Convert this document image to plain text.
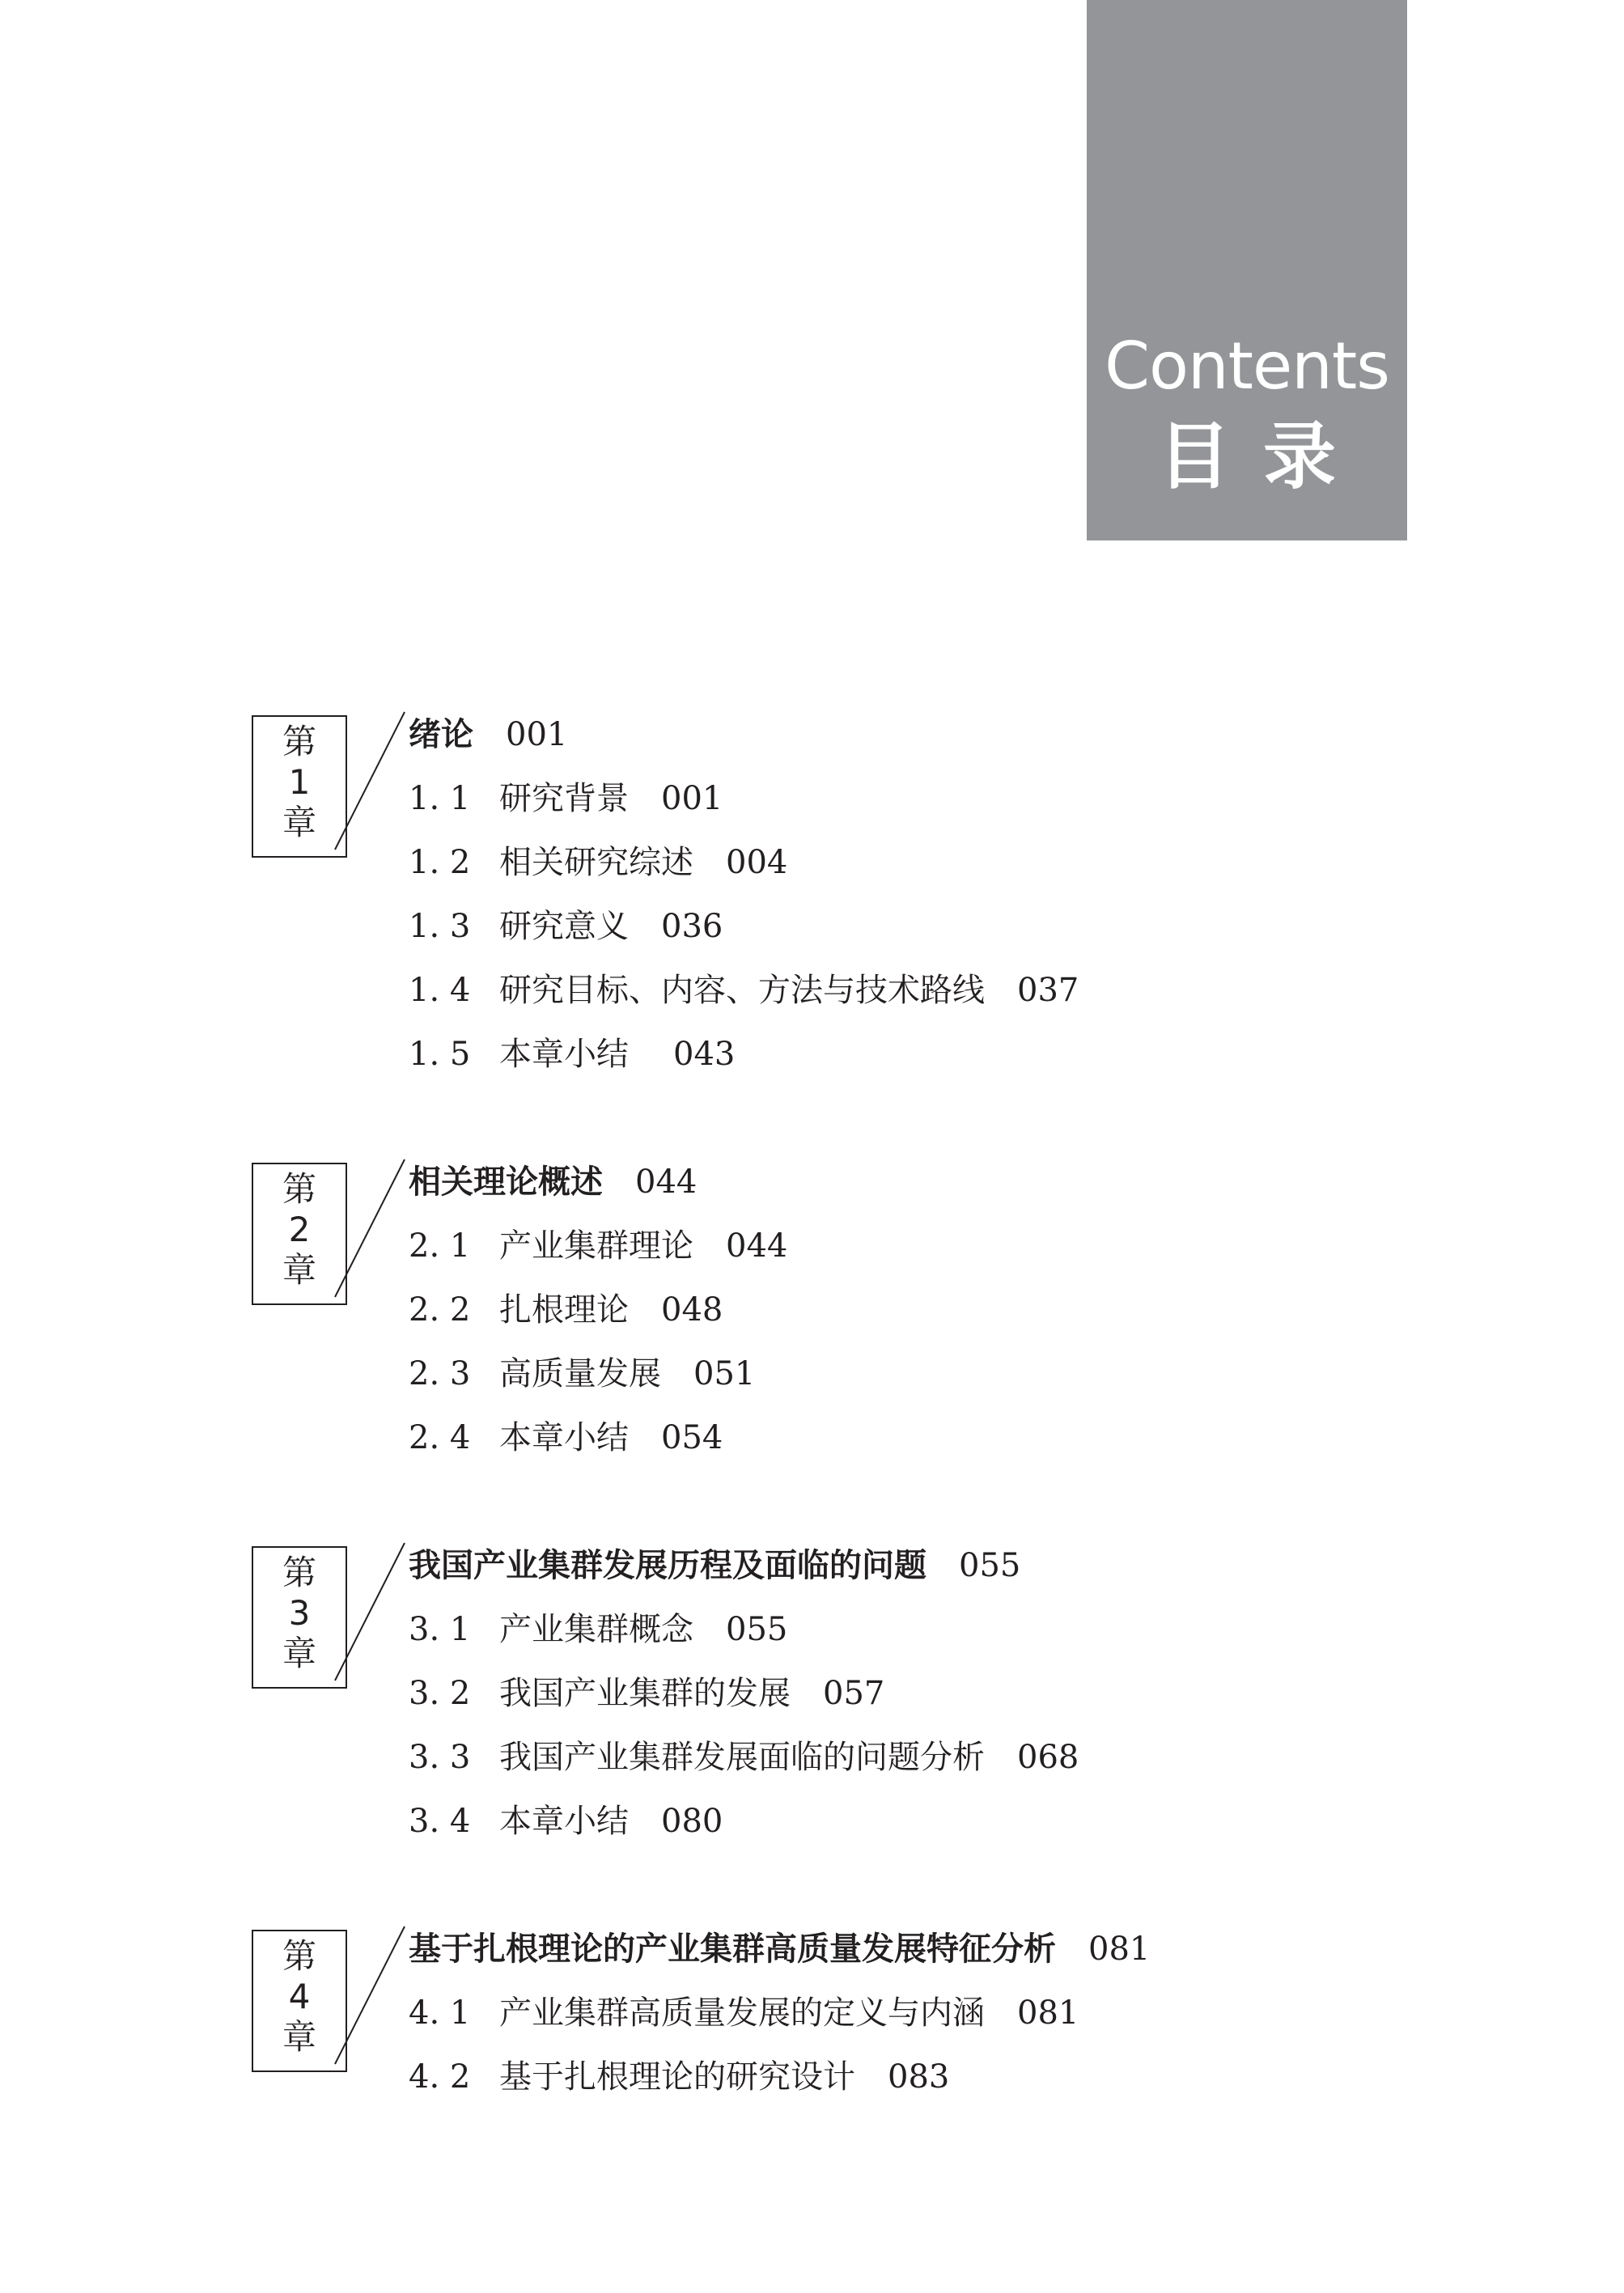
Contents
目录
第
1
章
绪论 001
1. 1 研究背景 001
1. 2 相关研究综述 004
1. 3 研究意义 036
1. 4 研究目标、内容、方法与技术路线 037
1. 5 本章小结 043
第
2
章
相关理论概述 044
2. 1 产业集群理论 044
2. 2 扎根理论 048
2. 3 高质量发展 051
2. 4 本章小结 054
第
3
章
我国产业集群发展历程及面临的问题 055
3. 1 产业集群概念 055
3. 2 我国产业集群的发展 057
3. 3 我国产业集群发展面临的问题分析 068
3. 4 本章小结 080
第
4
章
基于扎根理论的产业集群高质量发展特征分析 081
4. 1 产业集群高质量发展的定义与内涵 081
4. 2 基于扎根理论的研究设计 083
